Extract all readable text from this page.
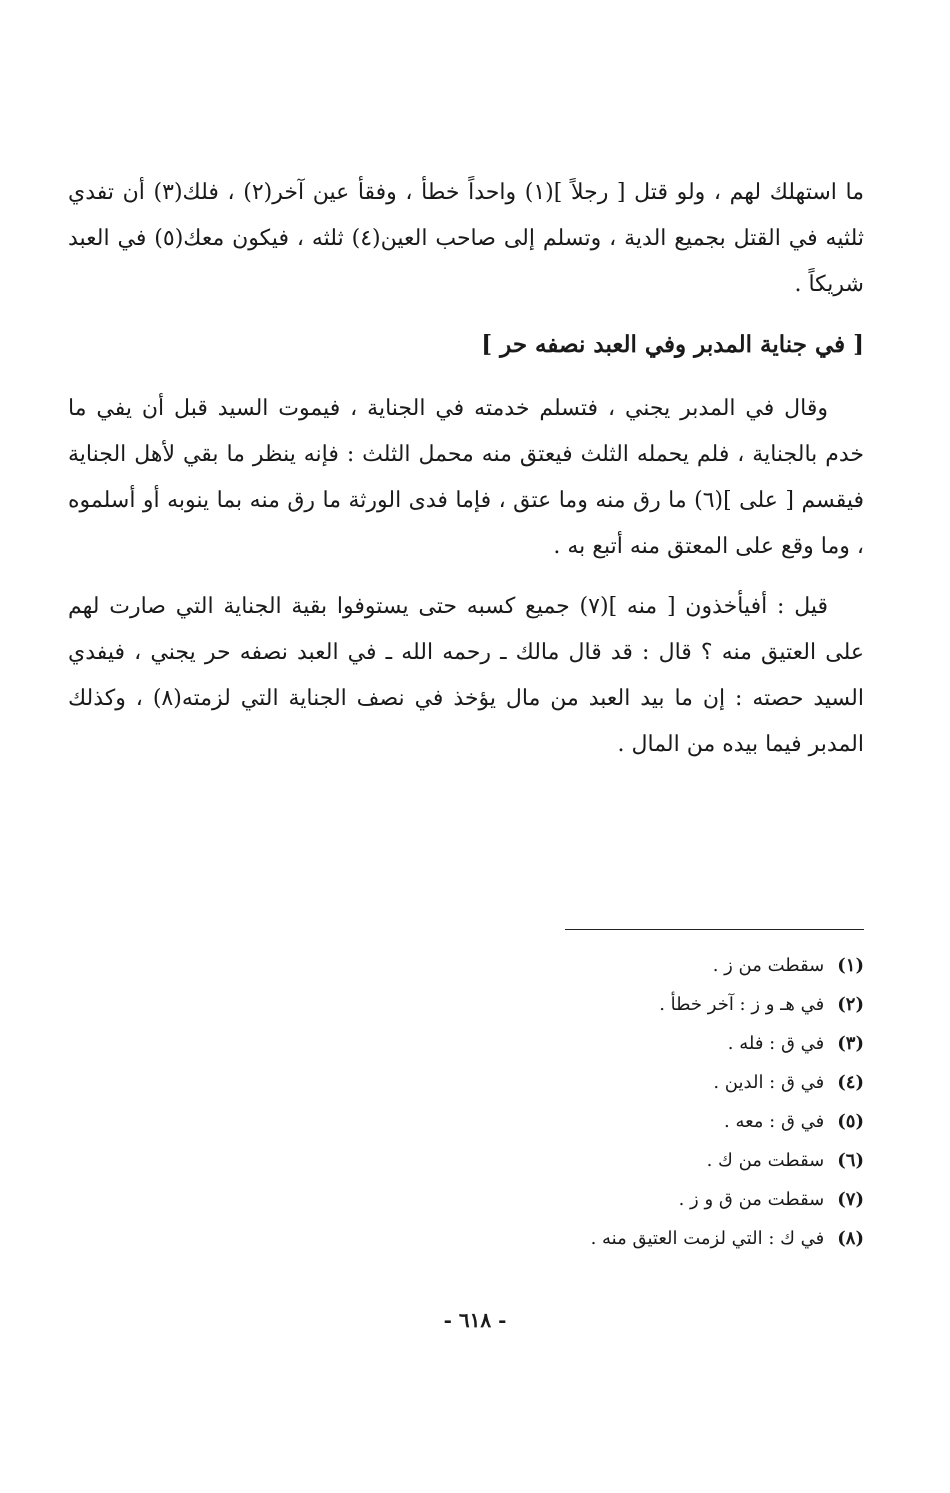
ما استهلك لهم ، ولو قتل [ رجلاً ](١) واحداً خطأ ، وفقأ عين آخر(٢) ، فلك(٣) أن تفدي ثلثيه في القتل بجميع الدية ، وتسلم إلى صاحب العين(٤) ثلثه ، فيكون معك(٥) في العبد شريكاً .

[ في جناية المدبر وفي العبد نصفه حر ]

وقال في المدبر يجني ، فتسلم خدمته في الجناية ، فيموت السيد قبل أن يفي ما خدم بالجناية ، فلم يحمله الثلث فيعتق منه محمل الثلث : فإنه ينظر ما بقي لأهل الجناية فيقسم [ على ](٦) ما رق منه وما عتق ، فإما فدى الورثة ما رق منه بما ينوبه أو أسلموه ، وما وقع على المعتق منه أتبع به .

قيل : أفيأخذون [ منه ](٧) جميع كسبه حتى يستوفوا بقية الجناية التي صارت لهم على العتيق منه ؟ قال : قد قال مالك ـ رحمه الله ـ في العبد نصفه حر يجني ، فيفدي السيد حصته : إن ما بيد العبد من مال يؤخذ في نصف الجناية التي لزمته(٨) ، وكذلك المدبر فيما بيده من المال .

(١) سقطت من ز .
(٢) في هـ و ز : آخر خطأ .
(٣) في ق : فله .
(٤) في ق : الدين .
(٥) في ق : معه .
(٦) سقطت من ك .
(٧) سقطت من ق و ز .
(٨) في ك : التي لزمت العتيق منه .
- ٦١٨ -
